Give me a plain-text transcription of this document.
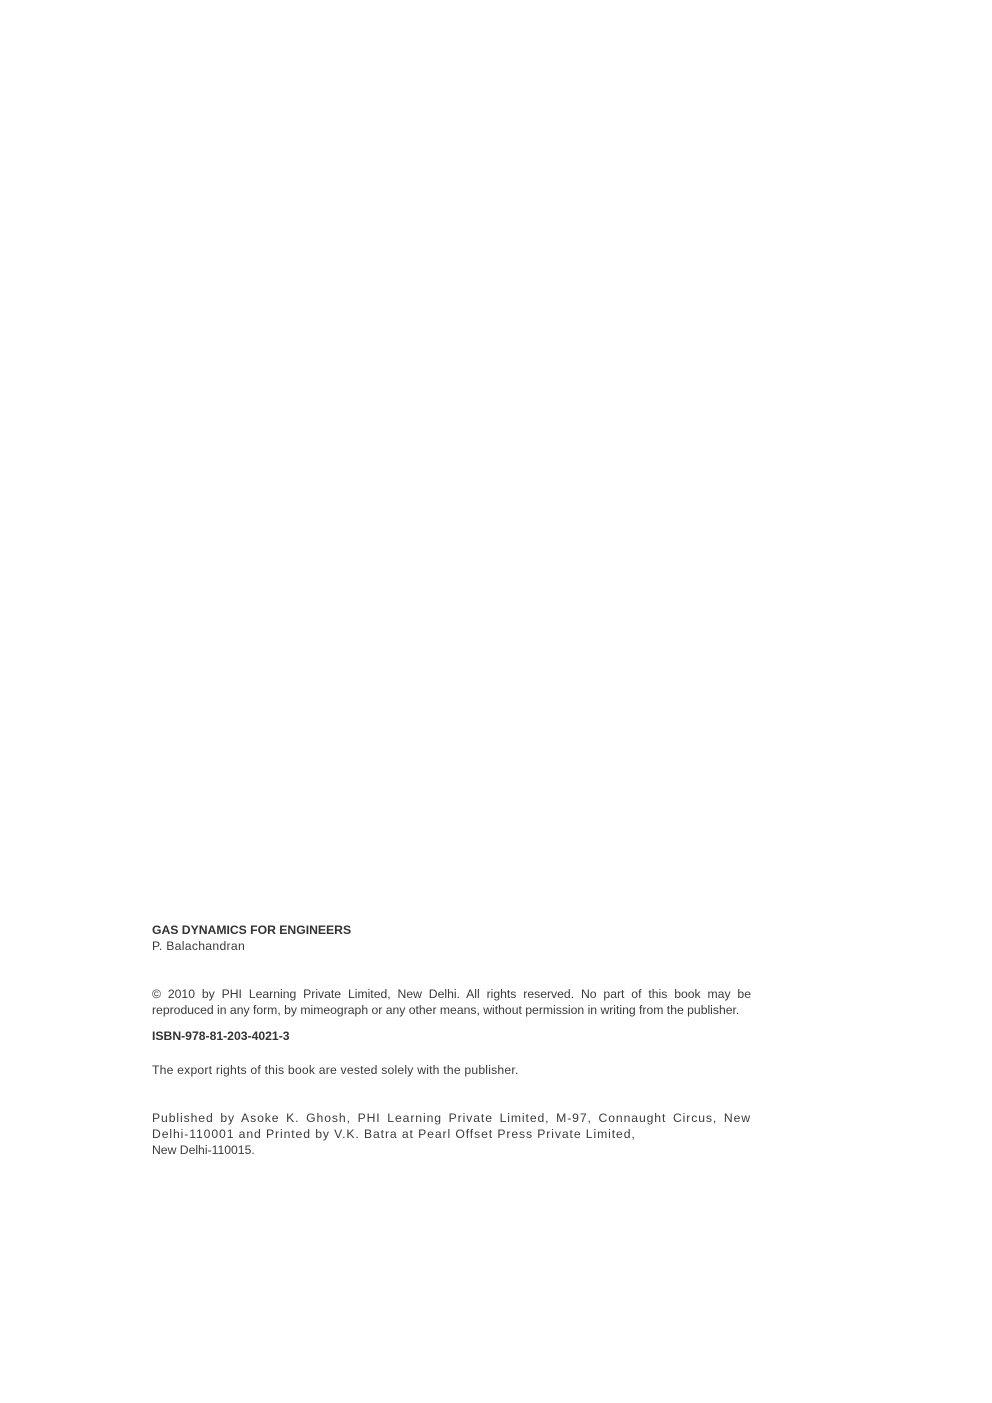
GAS DYNAMICS FOR ENGINEERS

P. Balachandran

© 2010 by PHI Learning Private Limited, New Delhi. All rights reserved. No part of this book may be reproduced in any form, by mimeograph or any other means, without permission in writing from the publisher.

ISBN-978-81-203-4021-3

The export rights of this book are vested solely with the publisher.

Published by Asoke K. Ghosh, PHI Learning Private Limited, M-97, Connaught Circus, New Delhi-110001 and Printed by V.K. Batra at Pearl Offset Press Private Limited,
New Delhi-110015.
